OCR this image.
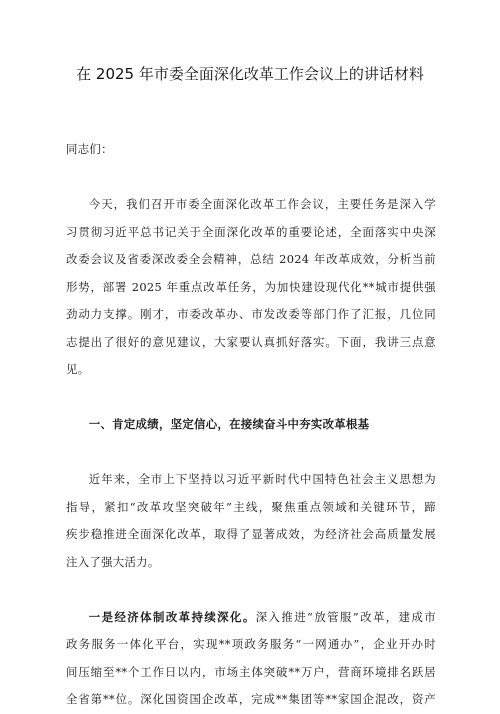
在 2025 年市委全面深化改革工作会议上的讲话材料

同志们：

今天，我们召开市委全面深化改革工作会议，主要任务是深入学
习贯彻习近平总书记关于全面深化改革的重要论述，全面落实中央深
改委会议及省委深改委全会精神，总结 2024 年改革成效，分析当前
形势，部署 2025 年重点改革任务，为加快建设现代化**城市提供强
劲动力支撑。刚才，市委改革办、市发改委等部门作了汇报，几位同
志提出了很好的意见建议，大家要认真抓好落实。下面，我讲三点意
见。

一、肯定成绩，坚定信心，在接续奋斗中夯实改革根基

近年来，全市上下坚持以习近平新时代中国特色社会主义思想为
指导，紧扣“改革攻坚突破年”主线，聚焦重点领域和关键环节，蹄
疾步稳推进全面深化改革，取得了显著成效，为经济社会高质量发展
注入了强大活力。

一是经济体制改革持续深化。深入推进“放管服”改革，建成市
政务服务一体化平台，实现**项政务服务“一网通办”，企业开办时
间压缩至**个工作日以内，市场主体突破**万户，营商环境排名跃居
全省第**位。深化国资国企改革，完成**集团等**家国企混改，资产
